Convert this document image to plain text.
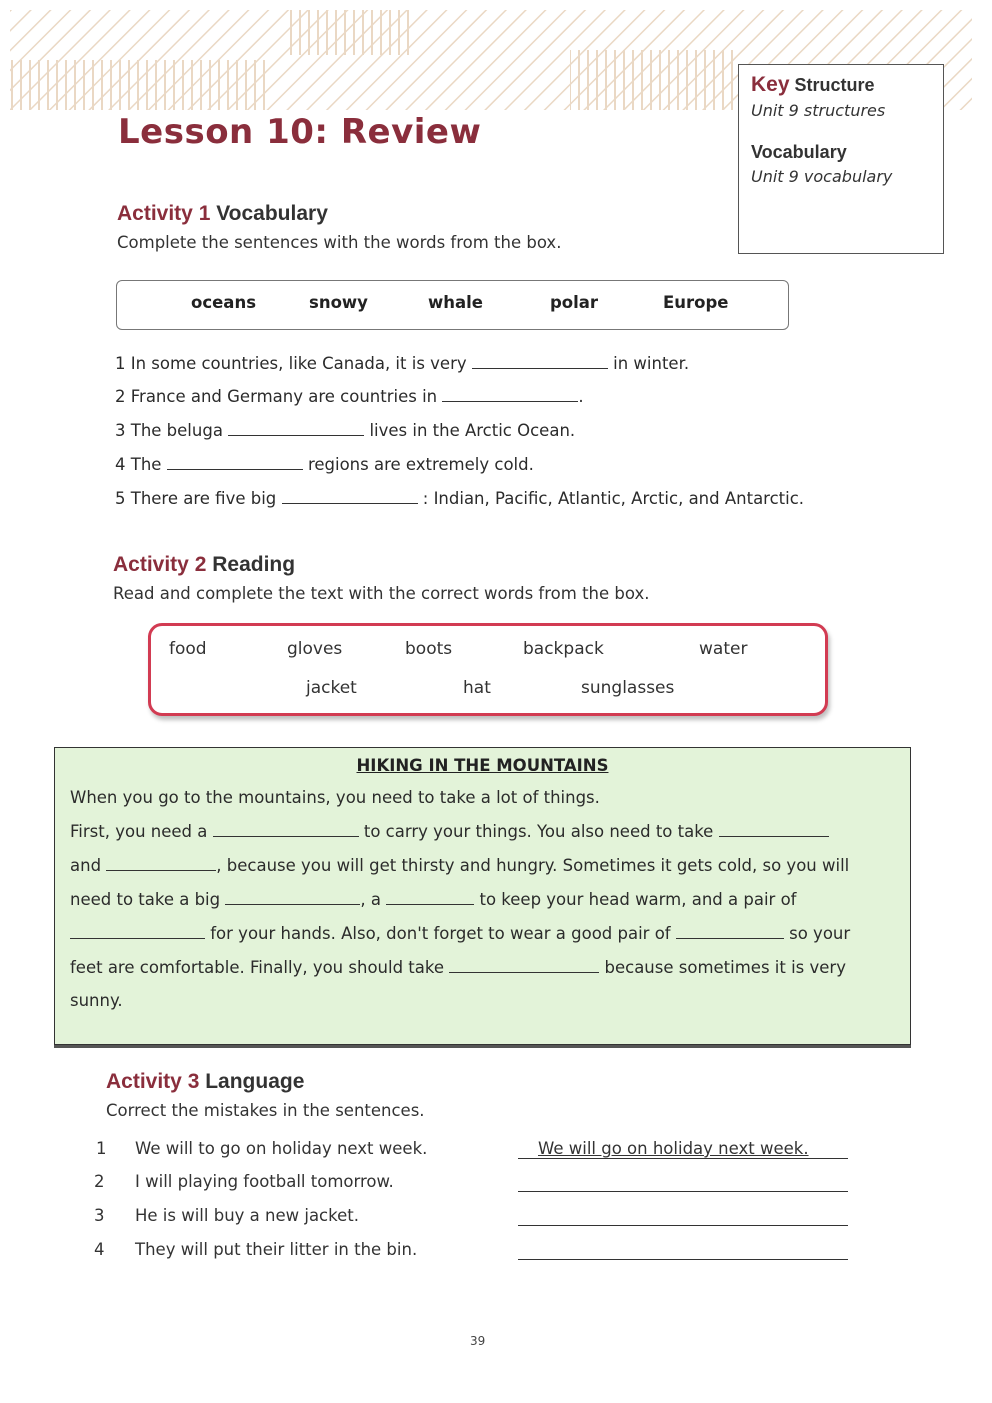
Lesson 10: Review
Key Structure
Unit 9 structures
Vocabulary
Unit 9 vocabulary
Activity 1 Vocabulary
Complete the sentences with the words from the box.
oceans	snowy	whale	polar	Europe
1 In some countries, like Canada, it is very	in winter.
2 France and Germany are countries in	.
3 The beluga	lives in the Arctic Ocean.
4 The	regions are extremely cold.
5 There are five big	: Indian, Pacific, Atlantic, Arctic, and Antarctic.
Activity 2 Reading
Read and complete the text with the correct words from the box.
food	gloves	boots	backpack	water
jacket	hat	sunglasses
HIKING IN THE MOUNTAINS
When you go to the mountains, you need to take a lot of things.
First, you need a	to carry your things. You also need to take
and	, because you will get thirsty and hungry. Sometimes it gets cold, so you will
need to take a big	, a	to keep your head warm, and a pair of
for your hands. Also, don't forget to wear a good pair of	so your
feet are comfortable. Finally, you should take	because sometimes it is very
sunny.
Activity 3 Language
Correct the mistakes in the sentences.
1 We will to go on holiday next week.
2 I will playing football tomorrow.
3 He is will buy a new jacket.
4 They will put their litter in the bin.
We will go on holiday next week.
39
